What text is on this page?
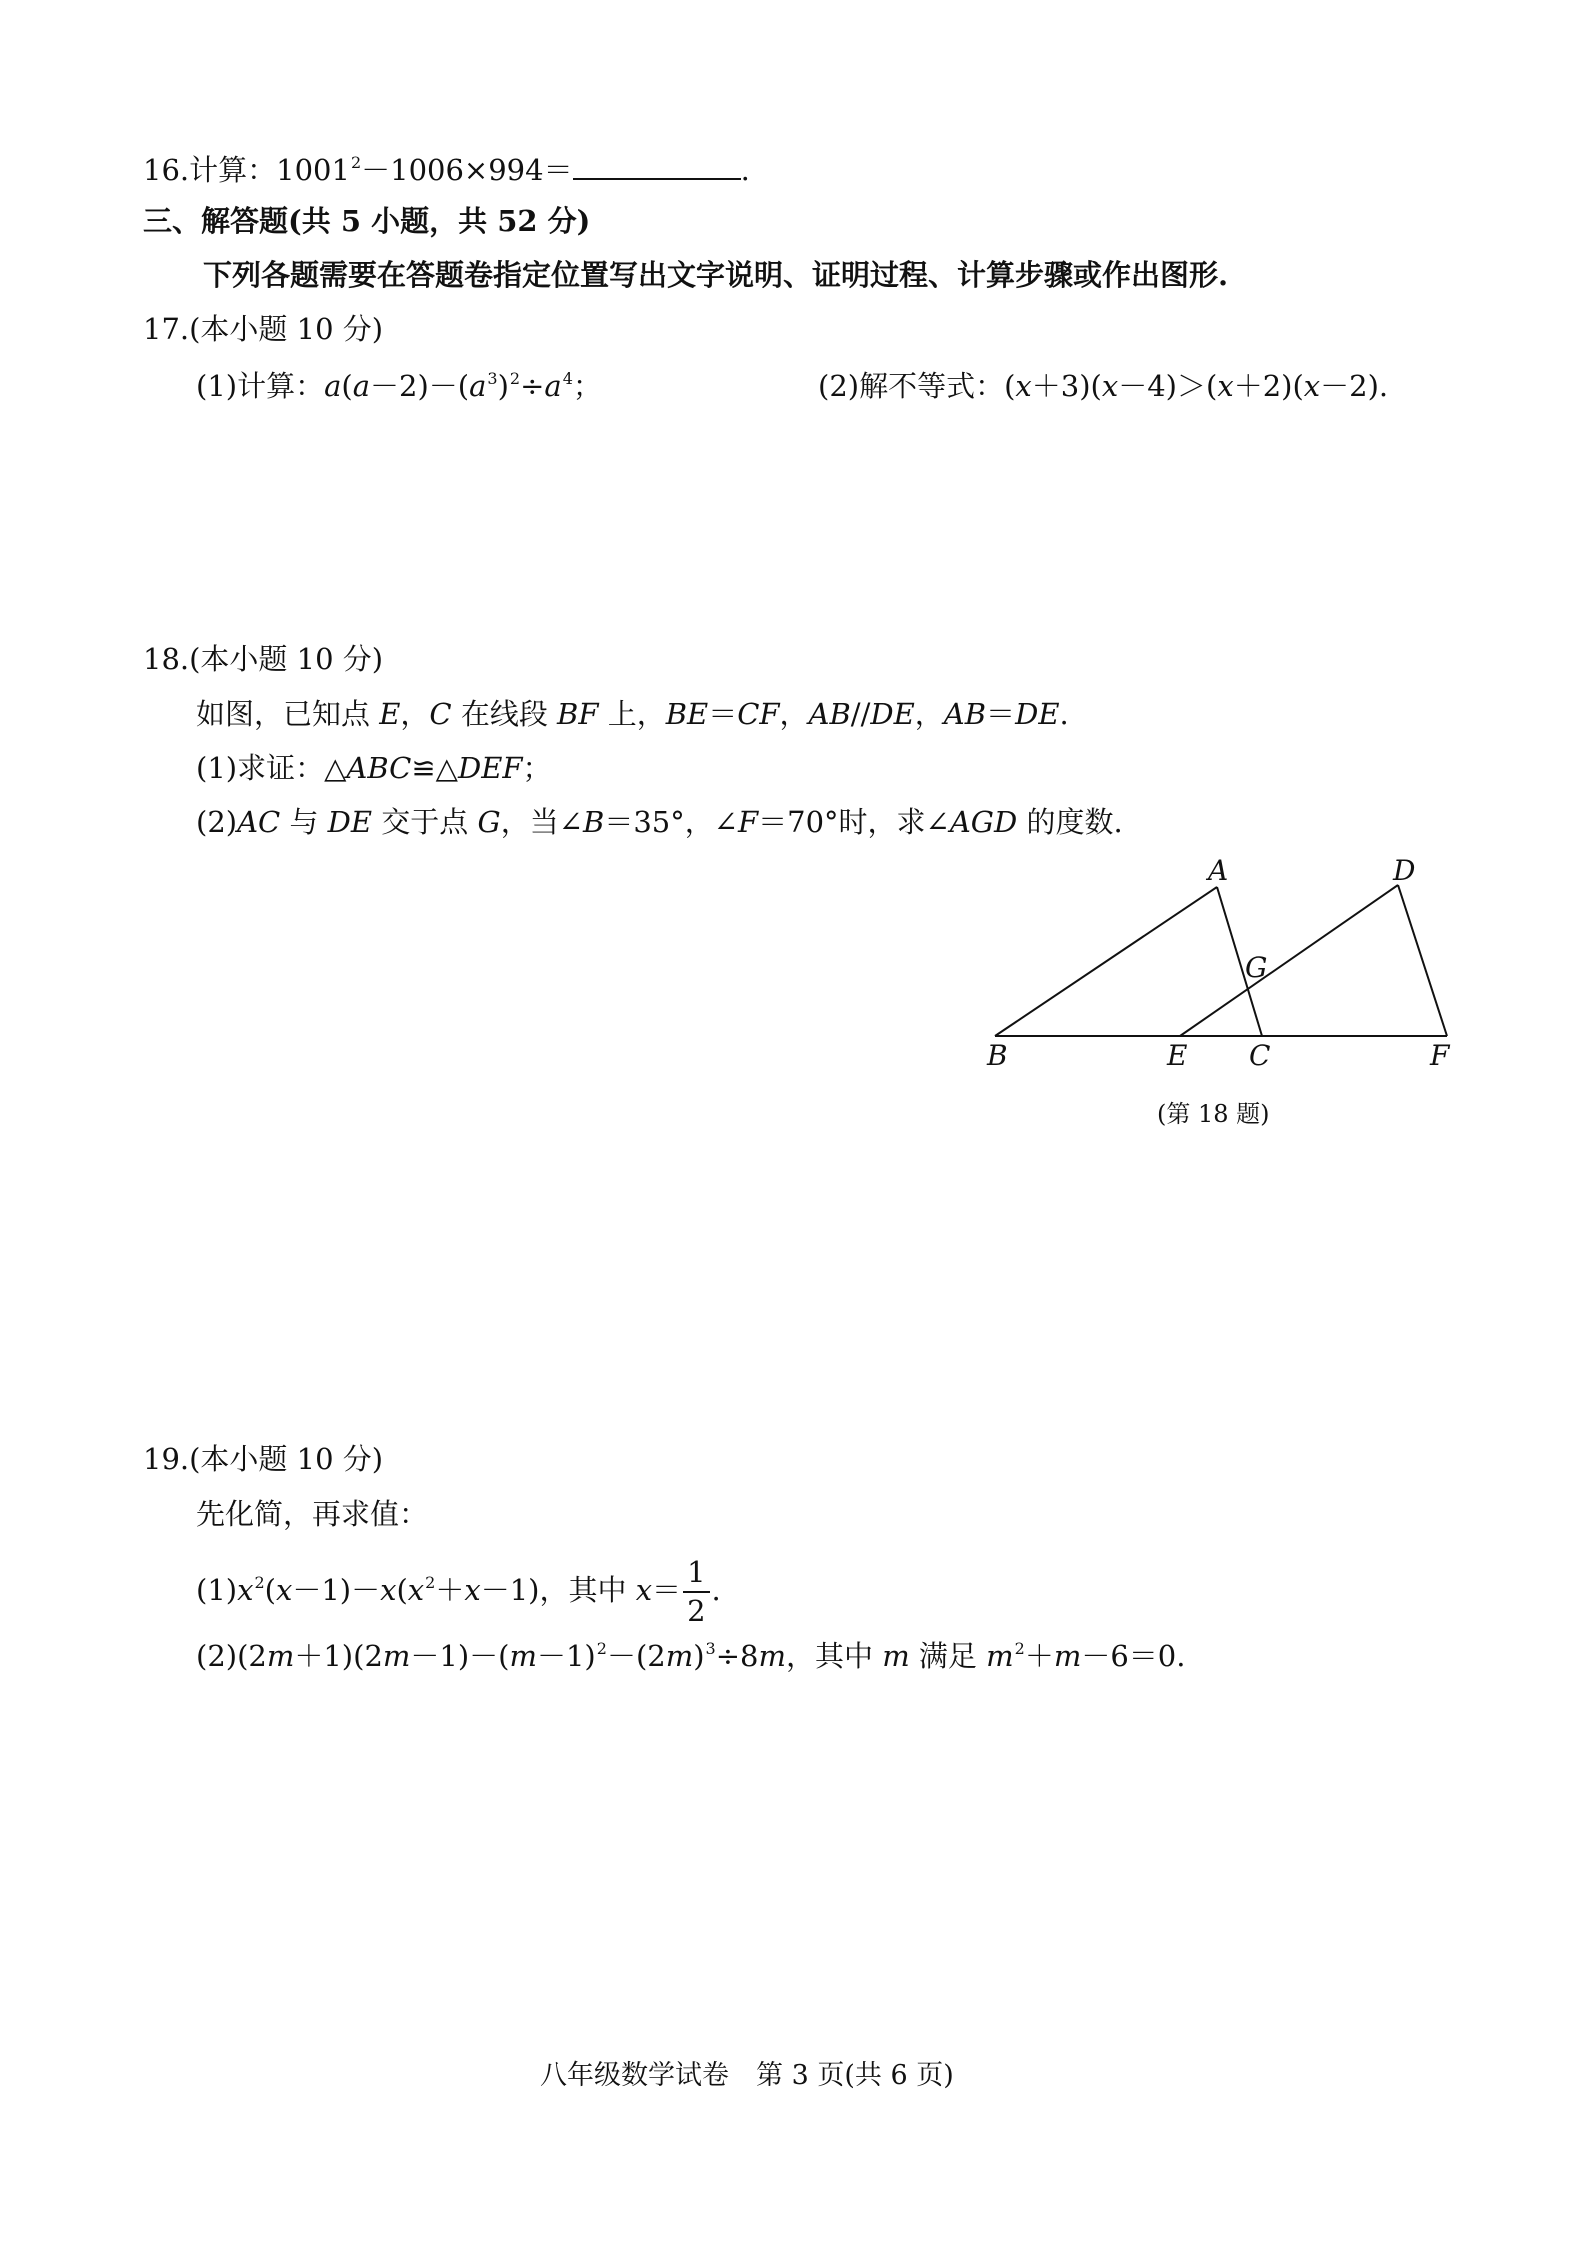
16.计算：$1001^2-1006\times 994=$	.
三、解答题(共 5 小题，共 52 分)
下列各题需要在答题卷指定位置写出文字说明、证明过程、计算步骤或作出图形.
17.(本小题 10 分)
(1)计算：$a(a-2)-(a^3)^2\div a^4$；	(2)解不等式：(x＋3)(x－4)＞(x＋2)(x－2).
18.(本小题 10 分)
如图，已知点 E，C 在线段 BF 上，BE＝CF，AB//DE，AB＝DE.
(1)求证：△ABC≌△DEF；
(2)AC 与 DE 交于点 G，当∠B＝35°，∠F＝70°时，求∠AGD 的度数.
A	D
G
B	E C	F
(第 18 题)
19.(本小题 10 分)
先化简，再求值：
$(1)x^2(x-1)-x(x^2+x-1)$，其中 $x= \frac{1}{2}$ .
$(2)(2m+1)(2m-1)-(m-1)^2-(2m)^3\div 8m$，其中 m 满足 $m^2+m-6=0$.
八年级数学试卷　第 3 页(共 6 页)
